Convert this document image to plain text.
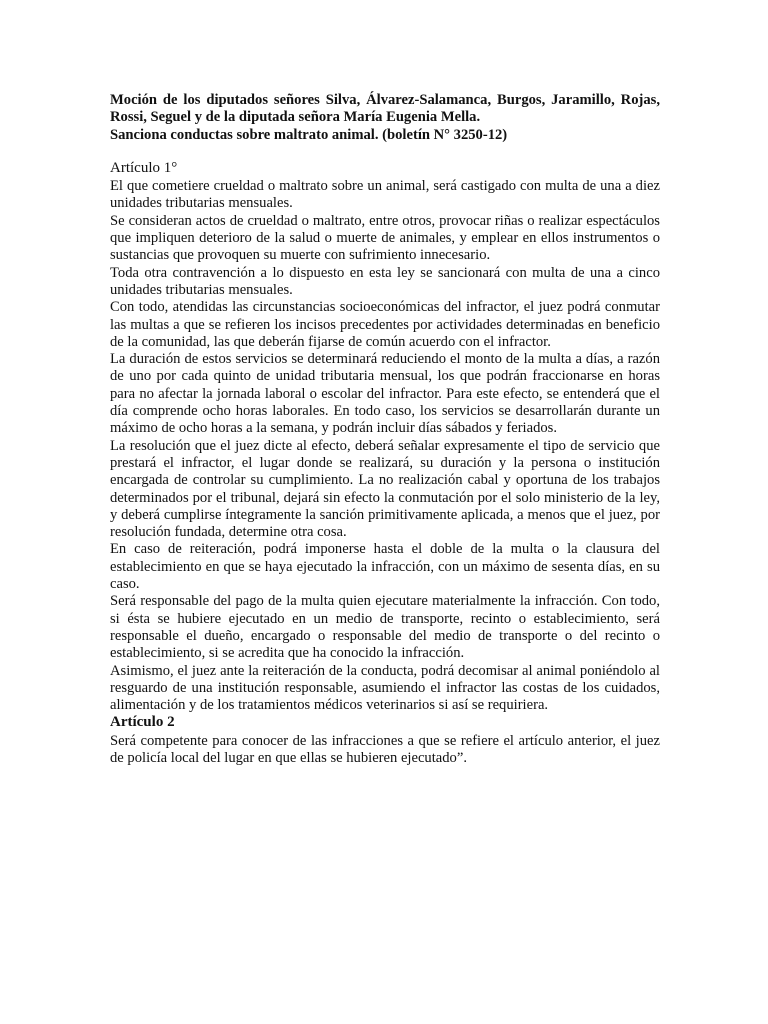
Moción de los diputados señores Silva, Álvarez-Salamanca, Burgos, Jaramillo, Rojas, Rossi, Seguel y de la diputada señora María Eugenia Mella.

Sanciona conductas sobre maltrato animal. (boletín N° 3250-12)

Artículo 1°

El que cometiere crueldad o maltrato sobre un animal, será castigado con multa de una a diez unidades tributarias mensuales.

Se consideran actos de crueldad o maltrato, entre otros, provocar riñas o realizar espectáculos que impliquen deterioro de la salud o muerte de animales, y emplear en ellos instrumentos o sustancias que provoquen su muerte con sufrimiento innecesario.

Toda otra contravención a lo dispuesto en esta ley se sancionará con multa de una a cinco unidades tributarias mensuales.

Con todo, atendidas las circunstancias socioeconómicas del infractor, el juez podrá conmutar las multas a que se refieren los incisos precedentes por actividades determinadas en beneficio de la comunidad, las que deberán fijarse de común acuerdo con el infractor.

La duración de estos servicios se determinará reduciendo el monto de la multa a días, a razón de uno por cada quinto de unidad tributaria mensual, los que podrán fraccionarse en horas para no afectar la jornada laboral o escolar del infractor. Para este efecto, se entenderá que el día comprende ocho horas laborales. En todo caso, los servicios se desarrollarán durante un máximo de ocho horas a la semana, y podrán incluir días sábados y feriados.

La resolución que el juez dicte al efecto, deberá señalar expresamente el tipo de servicio que prestará el infractor, el lugar donde se realizará, su duración y la persona o institución encargada de controlar su cumplimiento. La no realización cabal y oportuna de los trabajos determinados por el tribunal, dejará sin efecto la conmutación por el solo ministerio de la ley, y deberá cumplirse íntegramente la sanción primitivamente aplicada, a menos que el juez, por resolución fundada, determine otra cosa.

En caso de reiteración, podrá imponerse hasta el doble de la multa o la clausura del establecimiento en que se haya ejecutado la infracción, con un máximo de sesenta días, en su caso.

Será responsable del pago de la multa quien ejecutare materialmente la infracción. Con todo, si ésta se hubiere ejecutado en un medio de transporte, recinto o establecimiento, será responsable el dueño, encargado o responsable del medio de transporte o del recinto o establecimiento, si se acredita que ha conocido la infracción.

Asimismo, el juez ante la reiteración de la conducta, podrá decomisar al animal poniéndolo al resguardo de una institución responsable, asumiendo el infractor las costas de los cuidados, alimentación y de los tratamientos médicos veterinarios si así se requiriera.

Artículo 2

Será competente para conocer de las infracciones a que se refiere el artículo anterior, el juez de policía local del lugar en que ellas se hubieren ejecutado”.
